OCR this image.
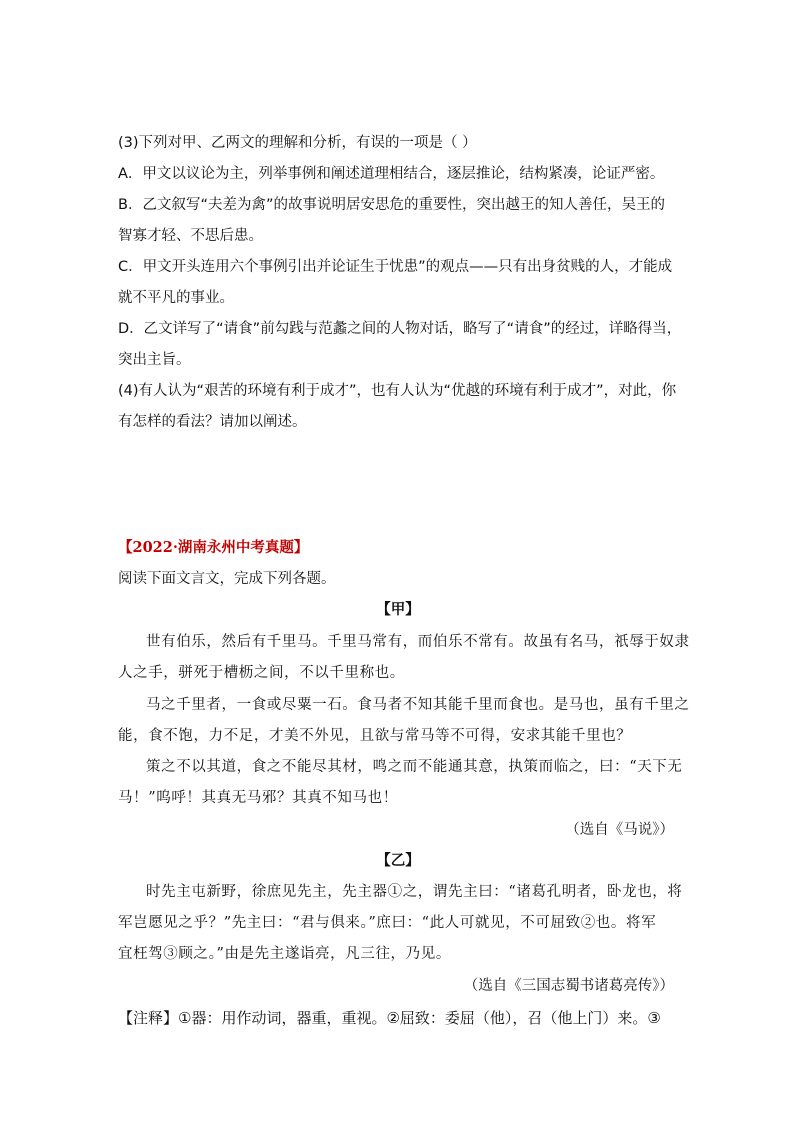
(3)下列对甲、乙两文的理解和分析，有误的一项是（ ）
A．甲文以议论为主，列举事例和阐述道理相结合，逐层推论，结构紧凑，论证严密。
B．乙文叙写“夫差为禽”的故事说明居安思危的重要性，突出越王的知人善任，吴王的
智寡才轻、不思后患。
C．甲文开头连用六个事例引出并论证生于忧患”的观点——只有出身贫贱的人，才能成
就不平凡的事业。
D．乙文详写了“请食”前勾践与范蠡之间的人物对话，略写了“请食”的经过，详略得当，
突出主旨。
(4)有人认为“艰苦的环境有利于成才”，也有人认为“优越的环境有利于成才”，对此，你
有怎样的看法？请加以阐述。
【2022·湖南永州中考真题】
阅读下面文言文，完成下列各题。
【甲】
世有伯乐，然后有千里马。千里马常有，而伯乐不常有。故虽有名马，祇辱于奴隶
人之手，骈死于槽枥之间，不以千里称也。
马之千里者，一食或尽粟一石。食马者不知其能千里而食也。是马也，虽有千里之
能，食不饱，力不足，才美不外见，且欲与常马等不可得，安求其能千里也？
策之不以其道，食之不能尽其材，鸣之而不能通其意，执策而临之，曰：“天下无
马！”呜呼！其真无马邪？其真不知马也！
（选自《马说》）
【乙】
时先主屯新野，徐庶见先主，先主器①之，谓先主曰：“诸葛孔明者，卧龙也，将
军岂愿见之乎？”先主曰：“君与俱来。”庶曰：“此人可就见，不可屈致②也。将军
宜枉驾③顾之。”由是先主遂诣亮，凡三往，乃见。
（选自《三国志蜀书诸葛亮传》）
【注释】①器：用作动词，器重，重视。②屈致：委屈（他），召（他上门）来。③
